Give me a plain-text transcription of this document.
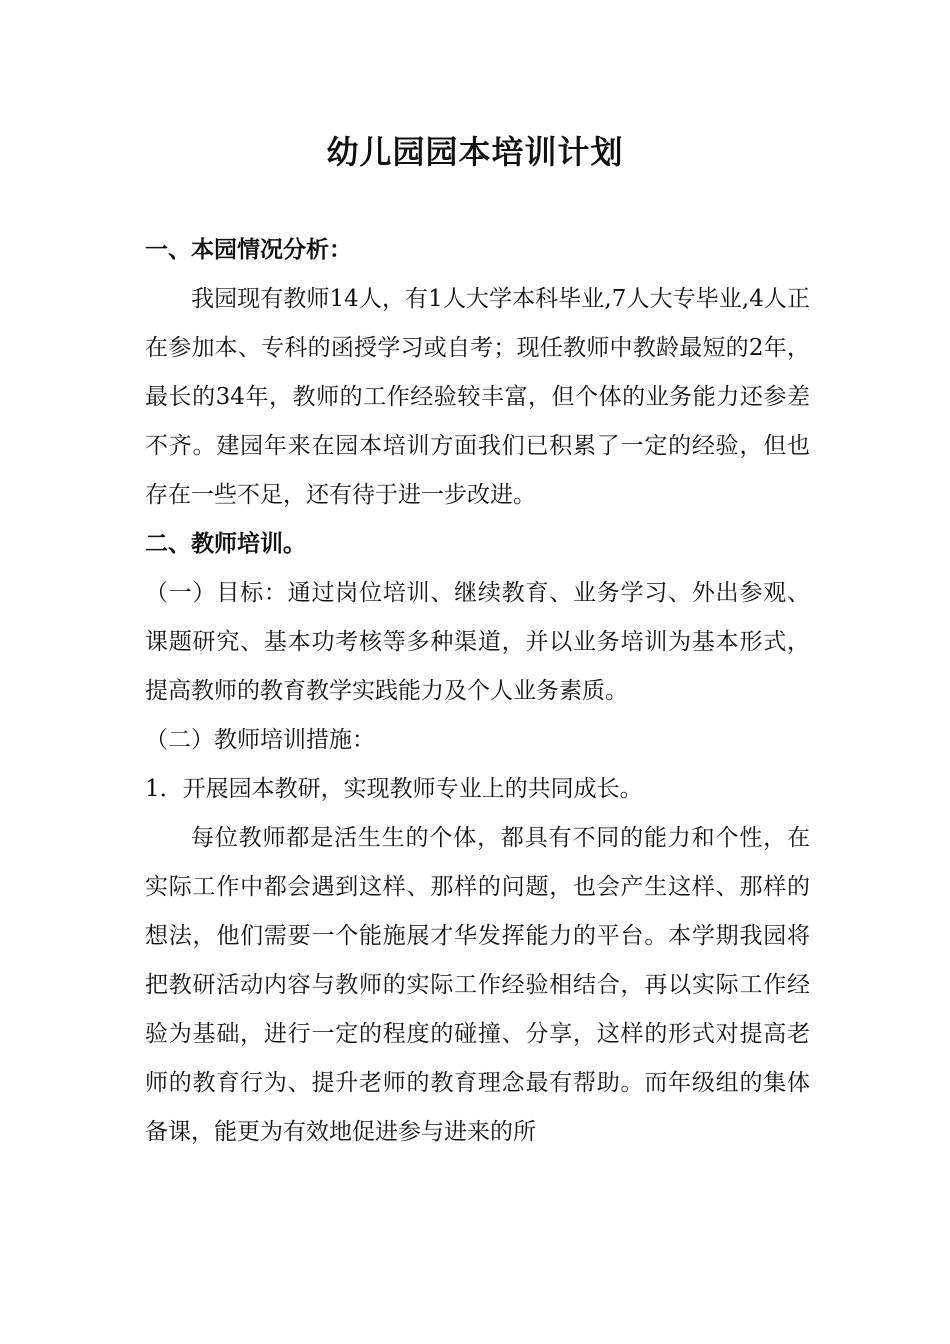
幼儿园园本培训计划

一、本园情况分析：

我园现有教师14人，有1人大学本科毕业,7人大专毕业,4人正在参加本、专科的函授学习或自考；现任教师中教龄最短的2年，最长的34年，教师的工作经验较丰富，但个体的业务能力还参差不齐。建园年来在园本培训方面我们已积累了一定的经验，但也存在一些不足，还有待于进一步改进。

二、教师培训。

（一）目标：通过岗位培训、继续教育、业务学习、外出参观、课题研究、基本功考核等多种渠道，并以业务培训为基本形式，提高教师的教育教学实践能力及个人业务素质。

（二）教师培训措施：

1．开展园本教研，实现教师专业上的共同成长。

每位教师都是活生生的个体，都具有不同的能力和个性，在实际工作中都会遇到这样、那样的问题，也会产生这样、那样的想法，他们需要一个能施展才华发挥能力的平台。本学期我园将把教研活动内容与教师的实际工作经验相结合，再以实际工作经验为基础，进行一定的程度的碰撞、分享，这样的形式对提高老师的教育行为、提升老师的教育理念最有帮助。而年级组的集体备课，能更为有效地促进参与进来的所
